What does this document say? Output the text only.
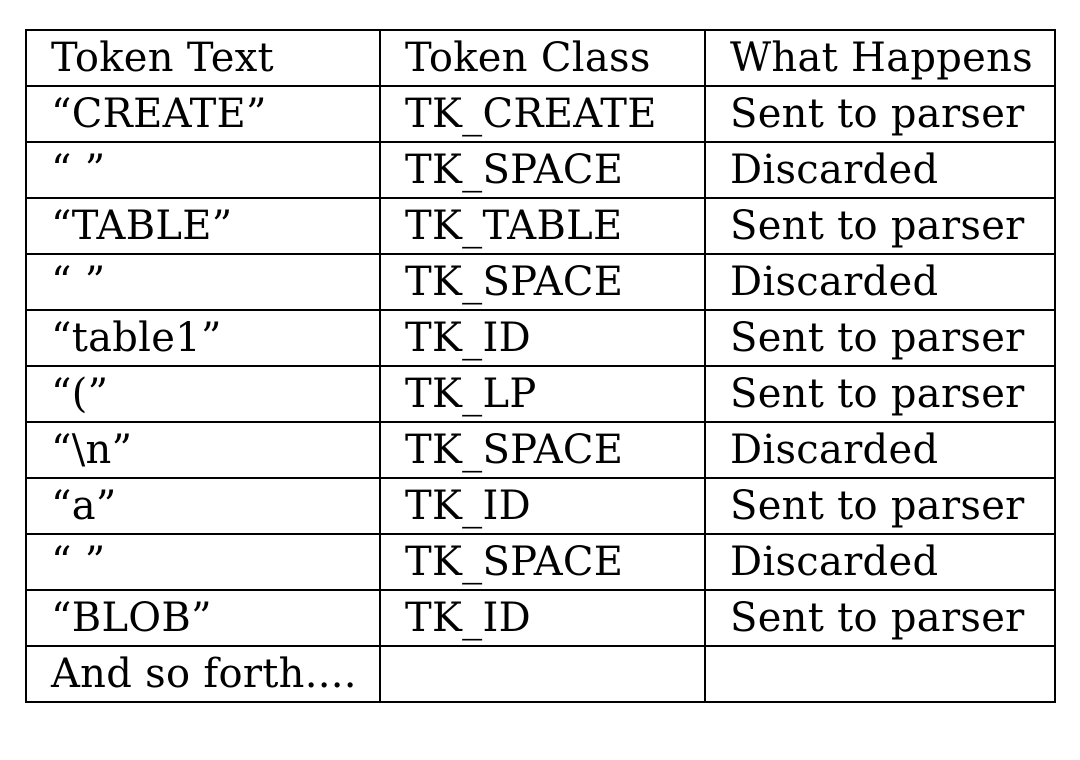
Token Text	Token Class	What Happens
“CREATE”	TK_CREATE	Sent to parser
“ ”	TK_SPACE	Discarded
“TABLE”	TK_TABLE	Sent to parser
“ ”	TK_SPACE	Discarded
“table1”	TK_ID	Sent to parser
“(”	TK_LP	Sent to parser
“\n”	TK_SPACE	Discarded
“a”	TK_ID	Sent to parser
“ ”	TK_SPACE	Discarded
“BLOB”	TK_ID	Sent to parser
And so forth....		
